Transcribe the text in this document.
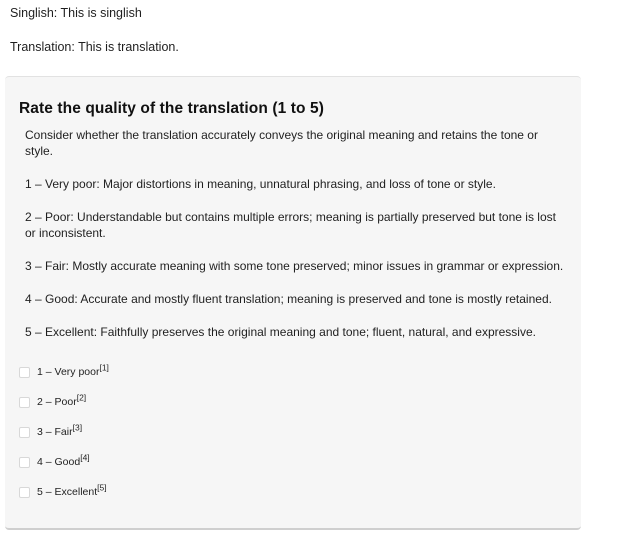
Singlish: This is singlish
Translation: This is translation.
Rate the quality of the translation (1 to 5)

Consider whether the translation accurately conveys the original meaning and retains the tone or style.

1 – Very poor: Major distortions in meaning, unnatural phrasing, and loss of tone or style.

2 – Poor: Understandable but contains multiple errors; meaning is partially preserved but tone is lost or inconsistent.

3 – Fair: Mostly accurate meaning with some tone preserved; minor issues in grammar or expression.

4 – Good: Accurate and mostly fluent translation; meaning is preserved and tone is mostly retained.

5 – Excellent: Faithfully preserves the original meaning and tone; fluent, natural, and expressive.

1 – Very poor[1]
2 – Poor[2]
3 – Fair[3]
4 – Good[4]
5 – Excellent[5]
